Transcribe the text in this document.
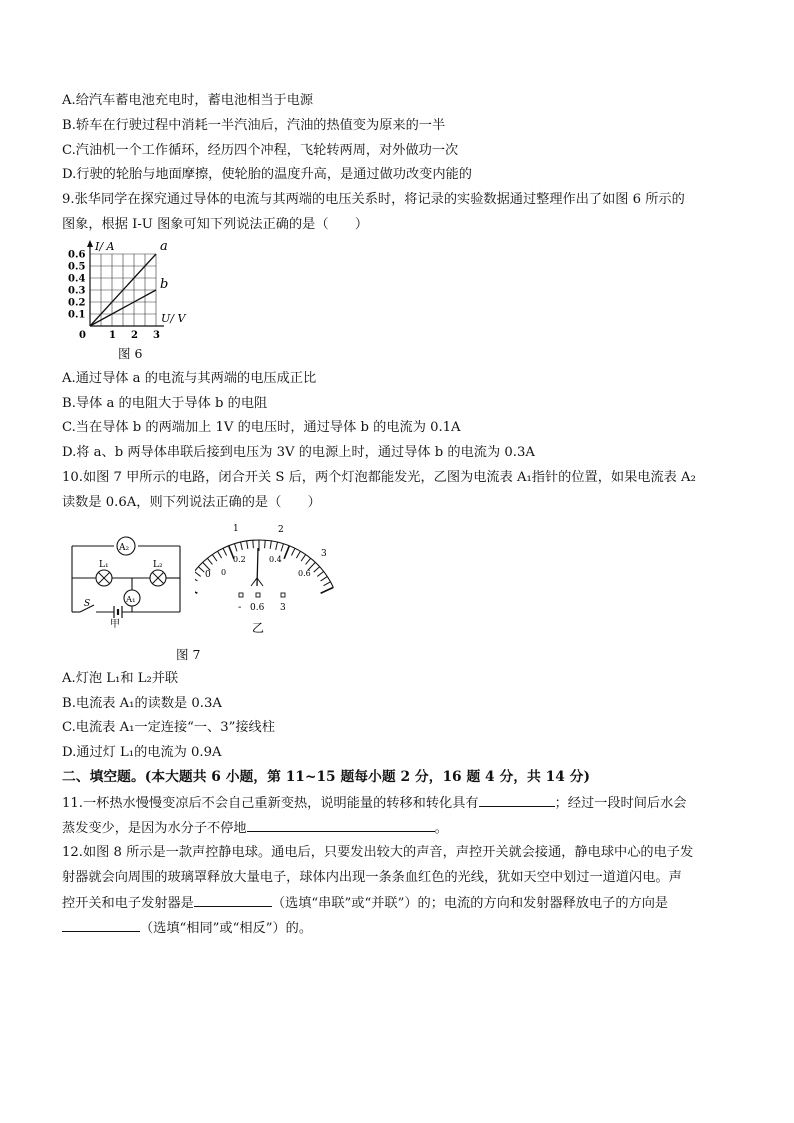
A.给汽车蓄电池充电时，蓄电池相当于电源
B.轿车在行驶过程中消耗一半汽油后，汽油的热值变为原来的一半
C.汽油机一个工作循环，经历四个冲程，飞轮转两周，对外做功一次
D.行驶的轮胎与地面摩擦，使轮胎的温度升高，是通过做功改变内能的
9.张华同学在探究通过导体的电流与其两端的电压关系时，将记录的实验数据通过整理作出了如图 6 所示的
图象，根据 I-U 图象可知下列说法正确的是（　　）
I/ A
U/ V
0.1
0.2
0.3
0.4
0.5
0.6
0 1 2 3
a
b
图 6
A.通过导体 a 的电流与其两端的电压成正比
B.导体 a 的电阻大于导体 b 的电阻
C.当在导体 b 的两端加上 1V 的电压时，通过导体 b 的电流为 0.1A
D.将 a、b 两导体串联后接到电压为 3V 的电源上时，通过导体 b 的电流为 0.3A
10.如图 7 甲所示的电路，闭合开关 S 后，两个灯泡都能发光，乙图为电流表 A₁指针的位置，如果电流表 A₂
读数是 0.6A，则下列说法正确的是（　　）
A₂
L₁	L₂
A₁
S
甲
1	2
3
0
0.2	0.4
0.6
0
- 0.6 3
乙
图 7
A.灯泡 L₁和 L₂并联
B.电流表 A₁的读数是 0.3A
C.电流表 A₁一定连接“一、3”接线柱
D.通过灯 L₁的电流为 0.9A
二、填空题。(本大题共 6 小题，第 11~15 题每小题 2 分，16 题 4 分，共 14 分)
11.一杯热水慢慢变凉后不会自己重新变热，说明能量的转移和转化具有	；经过一段时间后水会
蒸发变少，是因为水分子不停地	。
12.如图 8 所示是一款声控静电球。通电后，只要发出较大的声音，声控开关就会接通，静电球中心的电子发
射器就会向周围的玻璃罩释放大量电子，球体内出现一条条血红色的光线，犹如天空中划过一道道闪电。声
控开关和电子发射器是	（选填“串联”或“并联”）的；电流的方向和发射器释放电子的方向是
（选填“相同”或“相反”）的。
